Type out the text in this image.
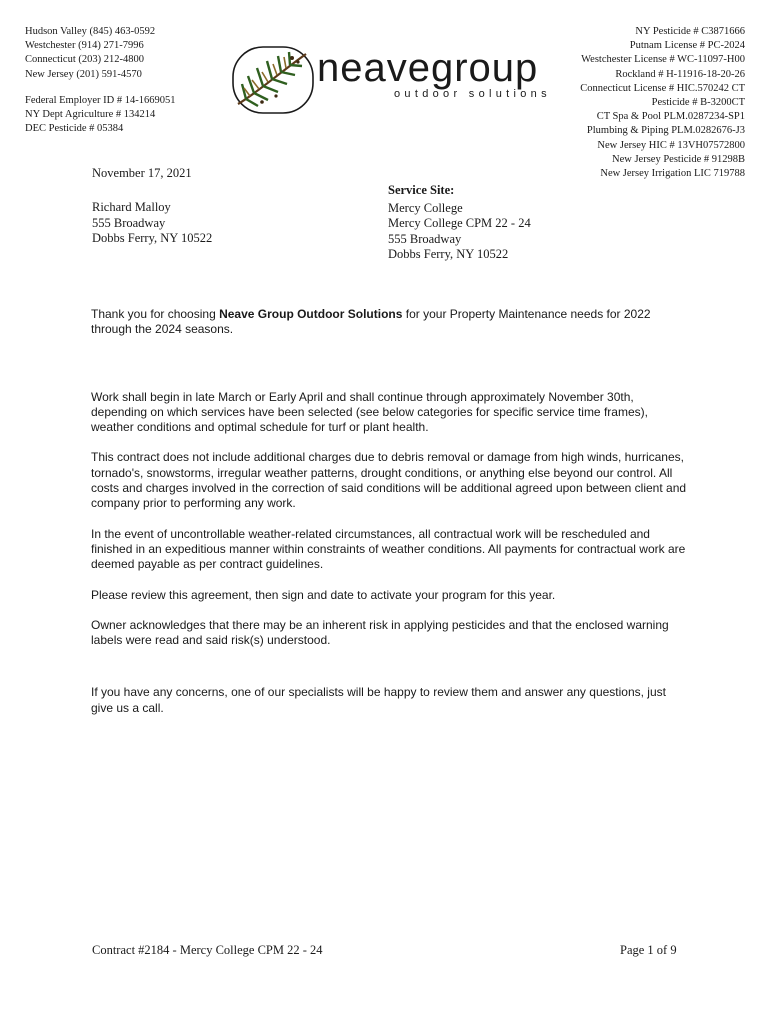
Hudson Valley (845) 463-0592
Westchester (914) 271-7996
Connecticut (203) 212-4800
New Jersey (201) 591-4570
Federal Employer ID # 14-1669051
NY Dept Agriculture # 134214
DEC Pesticide # 05384
neavegroup
outdoor solutions
NY Pesticide # C3871666
Putnam License # PC-2024
Westchester License # WC-11097-H00
Rockland # H-11916-18-20-26
Connecticut License # HIC.570242 CT
Pesticide # B-3200CT
CT Spa & Pool PLM.0287234-SP1
Plumbing & Piping PLM.0282676-J3
New Jersey HIC # 13VH07572800
New Jersey Pesticide # 91298B
New Jersey Irrigation LIC 719788
November 17, 2021
Richard Malloy
555 Broadway
Dobbs Ferry, NY 10522
Service Site:
Mercy College
Mercy College CPM 22 - 24
555 Broadway
Dobbs Ferry, NY 10522

Thank you for choosing Neave Group Outdoor Solutions for your Property Maintenance needs for 2022 through the 2024 seasons.

Work shall begin in late March or Early April and shall continue through approximately November 30th, depending on which services have been selected (see below categories for specific service time frames), weather conditions and optimal schedule for turf or plant health.

This contract does not include additional charges due to debris removal or damage from high winds, hurricanes, tornado's, snowstorms, irregular weather patterns, drought conditions, or anything else beyond our control. All costs and charges involved in the correction of said conditions will be additional agreed upon between client and company prior to performing any work.

In the event of uncontrollable weather-related circumstances, all contractual work will be rescheduled and finished in an expeditious manner within constraints of weather conditions. All payments for contractual work are deemed payable as per contract guidelines.

Please review this agreement, then sign and date to activate your program for this year.

Owner acknowledges that there may be an inherent risk in applying pesticides and that the enclosed warning labels were read and said risk(s) understood.

If you have any concerns, one of our specialists will be happy to review them and answer any questions, just give us a call.

Contract #2184 - Mercy College CPM 22 - 24	Page 1 of 9
